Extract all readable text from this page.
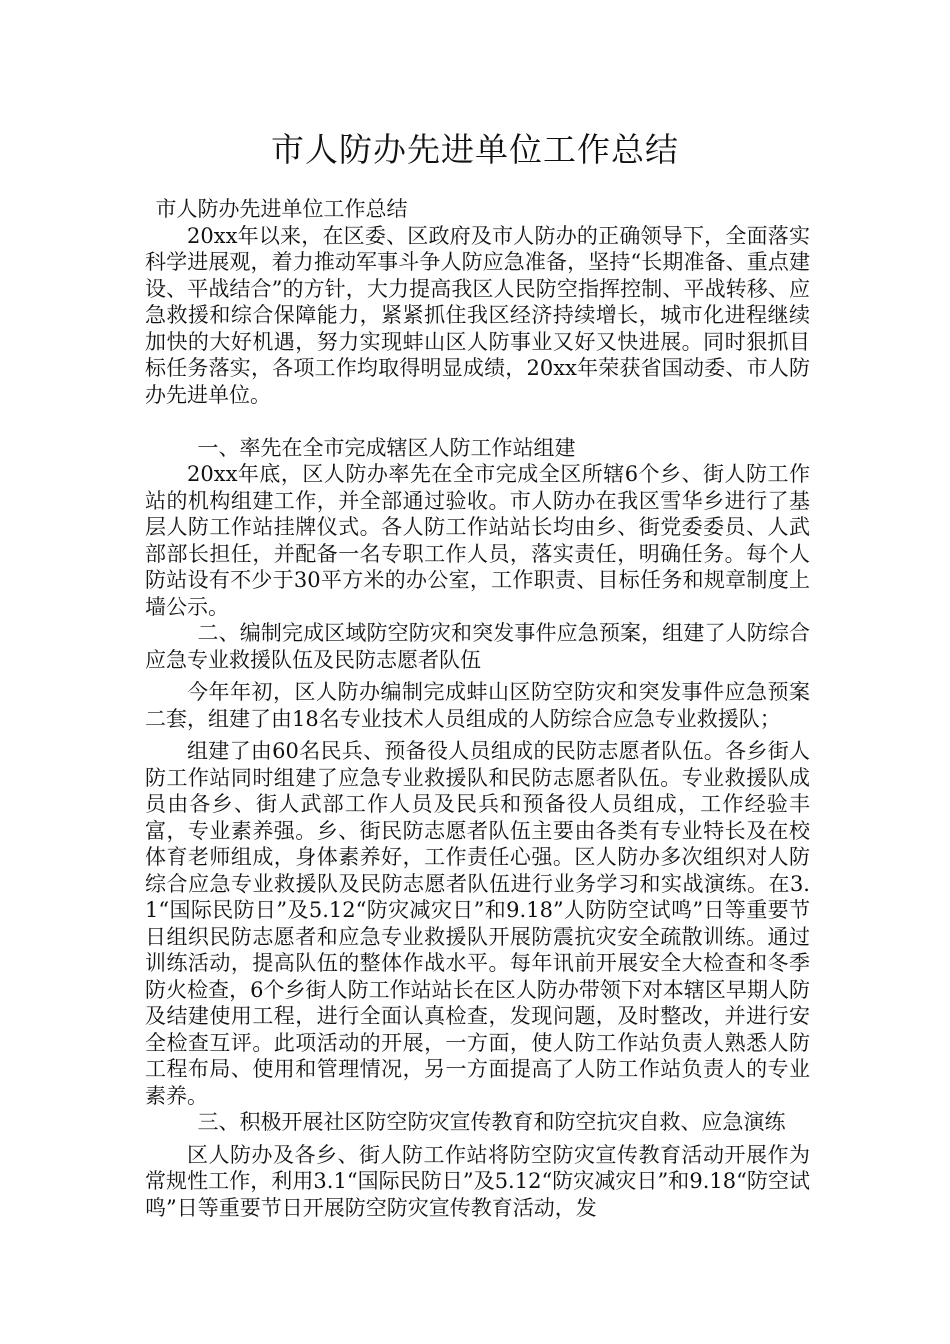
市人防办先进单位工作总结

市人防办先进单位工作总结

20xx年以来，在区委、区政府及市人防办的正确领导下，全面落实科学进展观，着力推动军事斗争人防应急准备，坚持“长期准备、重点建设、平战结合”的方针，大力提高我区人民防空指挥控制、平战转移、应急救援和综合保障能力，紧紧抓住我区经济持续增长，城市化进程继续加快的大好机遇，努力实现蚌山区人防事业又好又快进展。同时狠抓目标任务落实，各项工作均取得明显成绩，20xx年荣获省国动委、市人防办先进单位。

一、率先在全市完成辖区人防工作站组建

20xx年底，区人防办率先在全市完成全区所辖6个乡、街人防工作站的机构组建工作，并全部通过验收。市人防办在我区雪华乡进行了基层人防工作站挂牌仪式。各人防工作站站长均由乡、街党委委员、人武部部长担任，并配备一名专职工作人员，落实责任，明确任务。每个人防站设有不少于30平方米的办公室，工作职责、目标任务和规章制度上墙公示。

二、编制完成区域防空防灾和突发事件应急预案，组建了人防综合应急专业救援队伍及民防志愿者队伍

今年年初，区人防办编制完成蚌山区防空防灾和突发事件应急预案二套，组建了由18名专业技术人员组成的人防综合应急专业救援队；

组建了由60名民兵、预备役人员组成的民防志愿者队伍。各乡街人防工作站同时组建了应急专业救援队和民防志愿者队伍。专业救援队成员由各乡、街人武部工作人员及民兵和预备役人员组成，工作经验丰富，专业素养强。乡、街民防志愿者队伍主要由各类有专业特长及在校体育老师组成，身体素养好，工作责任心强。区人防办多次组织对人防综合应急专业救援队及民防志愿者队伍进行业务学习和实战演练。在3.1“国际民防日”及5.12“防灾减灾日”和9.18”人防防空试鸣”日等重要节日组织民防志愿者和应急专业救援队开展防震抗灾安全疏散训练。通过训练活动，提高队伍的整体作战水平。每年讯前开展安全大检查和冬季防火检查，6个乡街人防工作站站长在区人防办带领下对本辖区早期人防及结建使用工程，进行全面认真检查，发现问题，及时整改，并进行安全检查互评。此项活动的开展，一方面，使人防工作站负责人熟悉人防工程布局、使用和管理情况，另一方面提高了人防工作站负责人的专业素养。

三、积极开展社区防空防灾宣传教育和防空抗灾自救、应急演练

区人防办及各乡、街人防工作站将防空防灾宣传教育活动开展作为常规性工作，利用3.1“国际民防日”及5.12“防灾减灾日”和9.18“防空试鸣”日等重要节日开展防空防灾宣传教育活动，发
